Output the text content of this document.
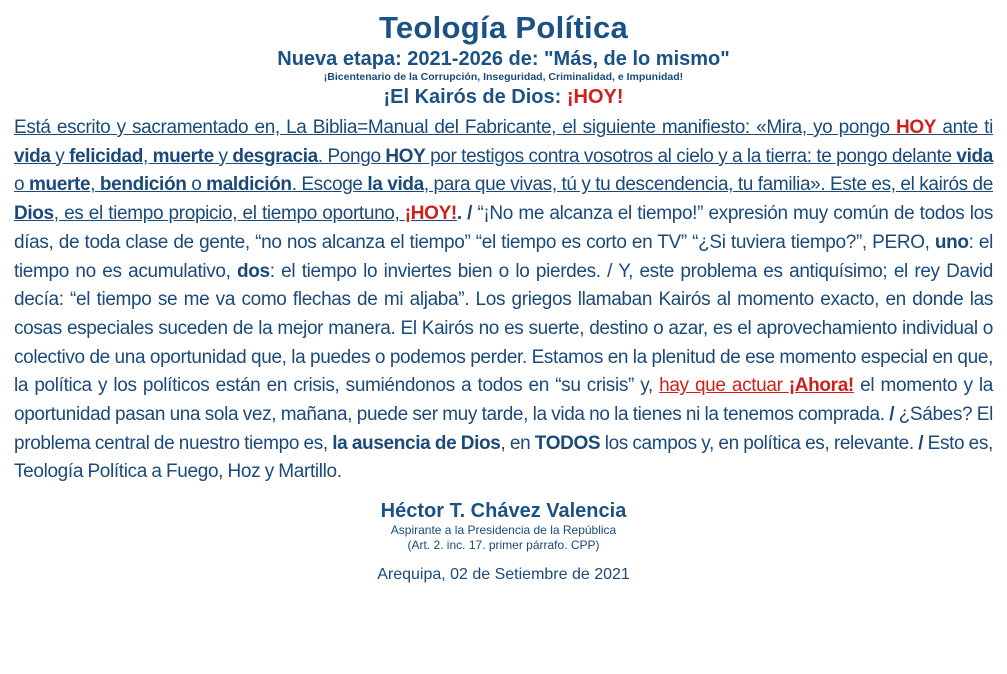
Teología Política
Nueva etapa: 2021-2026 de: "Más, de lo mismo"
¡Bicentenario de la Corrupción, Inseguridad, Criminalidad, e Impunidad!
¡El Kairós de Dios: ¡HOY!
Está escrito y sacramentado en, La Biblia=Manual del Fabricante, el siguiente manifiesto: «Mira, yo pongo HOY ante ti vida y felicidad, muerte y desgracia. Pongo HOY por testigos contra vosotros al cielo y a la tierra: te pongo delante vida o muerte, bendición o maldición. Escoge la vida, para que vivas, tú y tu descendencia, tu familia». Este es, el kairós de Dios, es el tiempo propicio, el tiempo oportuno, ¡HOY!. / “¡No me alcanza el tiempo!” expresión muy común de todos los días, de toda clase de gente, “no nos alcanza el tiempo” “el tiempo es corto en TV” “¿Si tuviera tiempo?”, PERO, uno: el tiempo no es acumulativo, dos: el tiempo lo inviertes bien o lo pierdes. / Y, este problema es antiquísimo; el rey David decía: “el tiempo se me va como flechas de mi aljaba”. Los griegos llamaban Kairós al momento exacto, en donde las cosas especiales suceden de la mejor manera. El Kairós no es suerte, destino o azar, es el aprovechamiento individual o colectivo de una oportunidad que, la puedes o podemos perder. Estamos en la plenitud de ese momento especial en que, la política y los políticos están en crisis, sumiéndonos a todos en “su crisis” y, hay que actuar ¡Ahora! el momento y la oportunidad pasan una sola vez, mañana, puede ser muy tarde, la vida no la tienes ni la tenemos comprada. / ¿Sábes? El problema central de nuestro tiempo es, la ausencia de Dios, en TODOS los campos y, en política es, relevante. / Esto es, Teología Política a Fuego, Hoz y Martillo.
Héctor T. Chávez Valencia
Aspirante a la Presidencia de la República
(Art. 2. inc. 17. primer párrafo. CPP)
Arequipa, 02 de Setiembre de 2021
